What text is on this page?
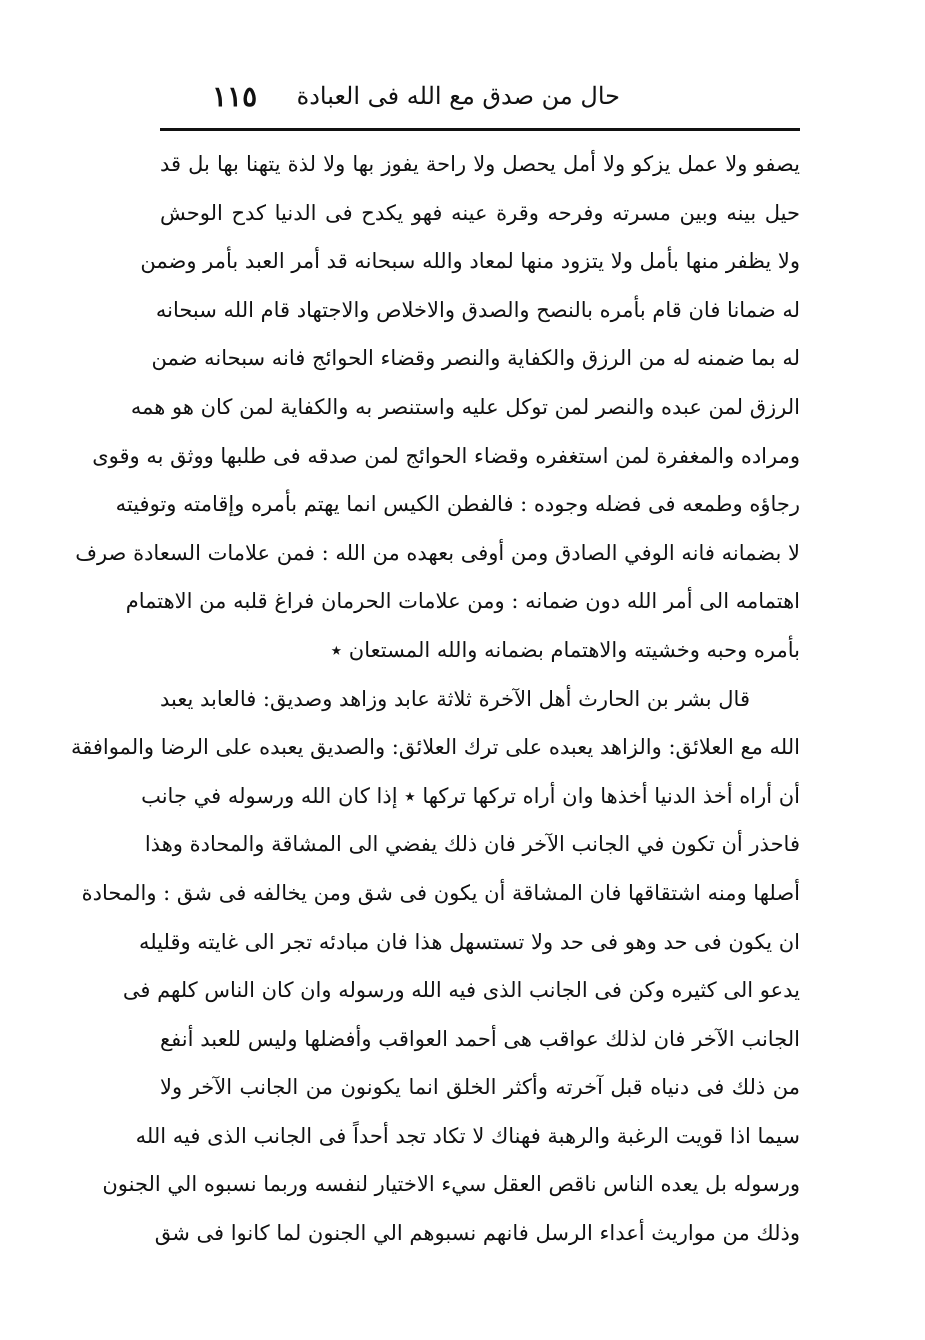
حال من صدق مع الله فى العبادة
١١٥
يصفو ولا عمل يزكو ولا أمل يحصل ولا راحة يفوز بها ولا لذة يتهنا بها بل قد
حيل بينه وبين مسرته وفرحه وقرة عينه فهو يكدح فى الدنيا كدح الوحش
ولا يظفر منها بأمل ولا يتزود منها لمعاد والله سبحانه قد أمر العبد بأمر وضمن
له ضمانا فان قام بأمره بالنصح والصدق والاخلاص والاجتهاد قام الله سبحانه
له بما ضمنه له من الرزق والكفاية والنصر وقضاء الحوائج فانه سبحانه ضمن
الرزق لمن عبده والنصر لمن توكل عليه واستنصر به والكفاية لمن كان هو همه
ومراده والمغفرة لمن استغفره وقضاء الحوائج لمن صدقه فى طلبها ووثق به وقوى
رجاؤه وطمعه فى فضله وجوده : فالفطن الكيس انما يهتم بأمره وإقامته وتوفيته
لا بضمانه فانه الوفي الصادق ومن أوفى بعهده من الله : فمن علامات السعادة صرف
اهتمامه الى أمر الله دون ضمانه : ومن علامات الحرمان فراغ قلبه من الاهتمام
بأمره وحبه وخشيته والاهتمام بضمانه والله المستعان ٭
قال بشر بن الحارث أهل الآخرة ثلاثة عابد وزاهد وصديق: فالعابد يعبد
الله مع العلائق: والزاهد يعبده على ترك العلائق: والصديق يعبده على الرضا والموافقة
أن أراه أخذ الدنيا أخذها وان أراه تركها تركها ٭ إذا كان الله ورسوله في جانب
فاحذر أن تكون في الجانب الآخر فان ذلك يفضي الى المشاقة والمحادة وهذا
أصلها ومنه اشتقاقها فان المشاقة أن يكون فى شق ومن يخالفه فى شق : والمحادة
ان يكون فى حد وهو فى حد ولا تستسهل هذا فان مبادئه تجر الى غايته وقليله
يدعو الى كثيره وكن فى الجانب الذى فيه الله ورسوله وان كان الناس كلهم فى
الجانب الآخر فان لذلك عواقب هى أحمد العواقب وأفضلها وليس للعبد أنفع
من ذلك فى دنياه قبل آخرته وأكثر الخلق انما يكونون من الجانب الآخر ولا
سيما اذا قويت الرغبة والرهبة فهناك لا تكاد تجد أحداً فى الجانب الذى فيه الله
ورسوله بل يعده الناس ناقص العقل سيء الاختيار لنفسه وربما نسبوه الي الجنون
وذلك من مواريث أعداء الرسل فانهم نسبوهم الي الجنون لما كانوا فى شق
